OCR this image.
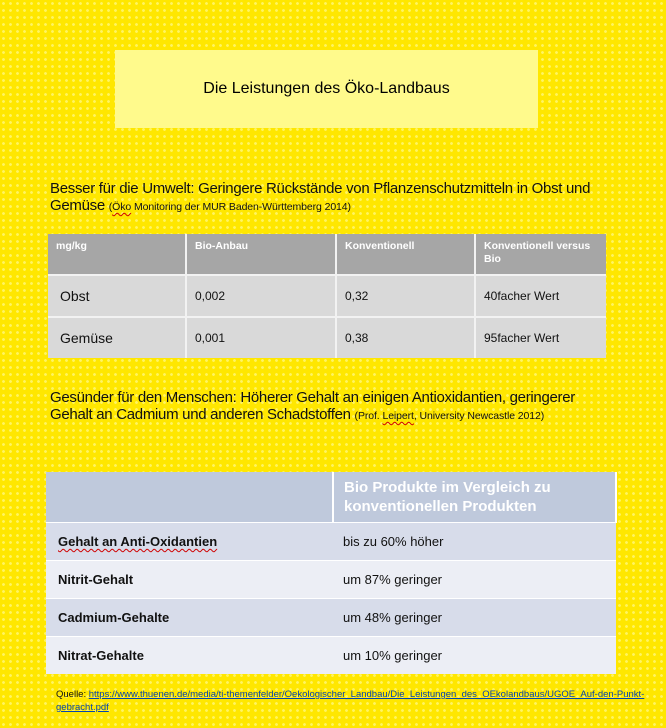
Die Leistungen des Öko-Landbaus
Besser für die Umwelt: Geringere Rückstände von Pflanzenschutzmitteln in Obst und Gemüse (Öko Monitoring der MUR Baden-Württemberg 2014)
mg/kg	Bio-Anbau	Konventionell	Konventionell versus Bio
Obst	0,002	0,32	40facher Wert
Gemüse	0,001	0,38	95facher Wert
Gesünder für den Menschen: Höherer Gehalt an einigen Antioxidantien, geringerer Gehalt an Cadmium und anderen Schadstoffen (Prof. Leipert, University Newcastle 2012)
	Bio Produkte im Vergleich zu konventionellen Produkten
Gehalt an Anti-Oxidantien	bis zu 60% höher
Nitrit-Gehalt	um 87% geringer
Cadmium-Gehalte	um 48% geringer
Nitrat-Gehalte	um 10% geringer
Quelle: https://www.thuenen.de/media/ti-themenfelder/Oekologischer_Landbau/Die_Leistungen_des_OEkolandbaus/UGOE_Auf-den-Punkt-gebracht.pdf
